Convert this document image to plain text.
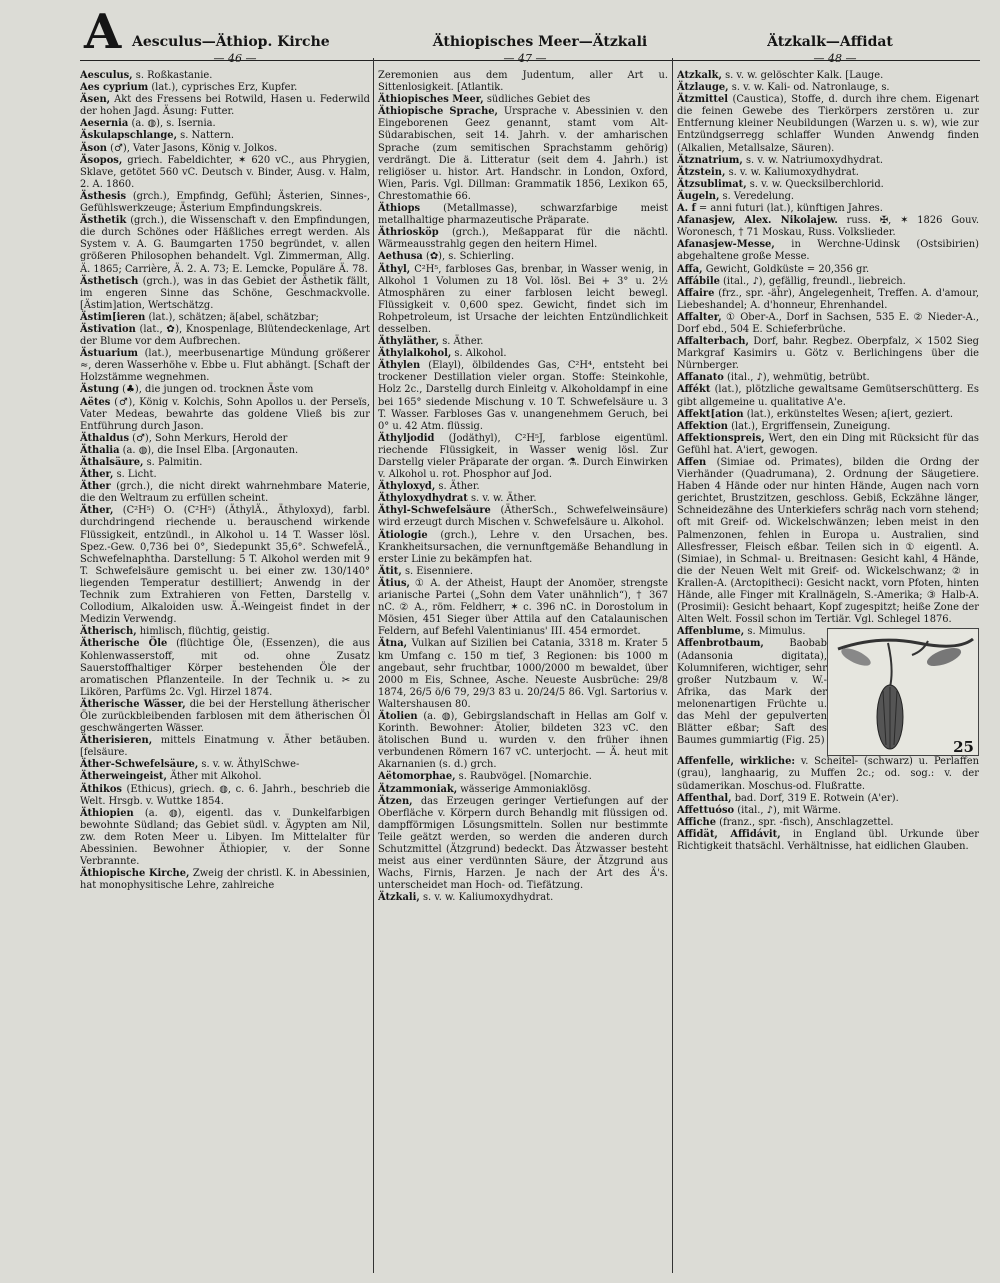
A Aesculus—Äthiop. Kirche	Äthiopisches Meer—Ätzkali	Ätzkalk—Affidat
— 46 —	— 47 —	— 48 —

Aesculus, s. Roßkastanie.

Aes cyprium (lat.), cyprisches Erz, Kupfer.

Äsen, Akt des Fressens bei Rotwild, Hasen u. Federwild der hohen Jagd. Äsung: Futter.

Aesernia (a. ◍), s. Isernia.

Äskulapschlange, s. Nattern.

Äson (♂), Vater Jasons, König v. Jolkos.

Äsopos, griech. Fabeldichter, ✶ 620 vC., aus Phrygien, Sklave, getötet 560 vC. Deutsch v. Binder, Ausg. v. Halm, 2. A. 1860.

Ästhesis (grch.), Empfindg, Gefühl; Ästerien, Sinnes-, Gefühlswerkzeuge; Ästerium Empfindungskreis.

Ästhetik (grch.), die Wissenschaft v. den Empfindungen, die durch Schönes oder Häßliches erregt werden. Als System v. A. G. Baumgarten 1750 begründet, v. allen größeren Philosophen behandelt. Vgl. Zimmerman, Allg. Ä. 1865; Carrière, Ä. 2. A. 73; E. Lemcke, Populäre Ä. 78.

Ästhetisch (grch.), was in das Gebiet der Ästhetik fällt, im engeren Sinne das Schöne, Geschmackvolle. [Ästim]ation, Wertschätzg.

Ästim[ieren (lat.), schätzen; ä[abel, schätzbar;

Ästivation (lat., ✿), Knospenlage, Blütendeckenlage, Art der Blume vor dem Aufbrechen.

Ästuarium (lat.), meerbusenartige Mündung größerer ≈, deren Wasserhöhe v. Ebbe u. Flut abhängt. [Schaft der Holzstämme wegnehmen.

Ästung (♣), die jungen od. trocknen Äste vom

Aëtes (♂), König v. Kolchis, Sohn Apollos u. der Perseïs, Vater Medeas, bewahrte das goldene Vließ bis zur Entführung durch Jason.

Äthaldus (♂), Sohn Merkurs, Herold der

Äthalia (a. ◍), die Insel Elba. [Argonauten.

Äthalsäure, s. Palmitin.

Äther, s. Licht.

Äther (grch.), die nicht direkt wahrnehmbare Materie, die den Weltraum zu erfüllen scheint.

Äther, (C²H⁵) O. (C²H⁵) (ÄthylÄ., Äthyloxyd), farbl. durchdringend riechende u. berauschend wirkende Flüssigkeit, entzündl., in Alkohol u. 14 T. Wasser lösl. Spez.-Gew. 0,736 bei 0°, Siedepunkt 35,6°. SchwefelÄ., Schwefelnaphtha. Darstellung: 5 T. Alkohol werden mit 9 T. Schwefelsäure gemischt u. bei einer zw. 130/140° liegenden Temperatur destilliert; Anwendg in der Technik zum Extrahieren von Fetten, Darstellg v. Collodium, Alkaloiden usw. Ä.-Weingeist findet in der Medizin Verwendg.

Ätherisch, himlisch, flüchtig, geistig.

Ätherische Öle (flüchtige Öle, (Essenzen), die aus Kohlenwasserstoff, mit od. ohne Zusatz Sauerstoffhaltiger Körper bestehenden Öle der aromatischen Pflanzenteile. In der Technik u. ✂ zu Likören, Parfüms 2c. Vgl. Hirzel 1874.

Ätherische Wässer, die bei der Herstellung ätherischer Öle zurückbleibenden farblosen mit dem ätherischen Öl geschwängerten Wässer.

Ätherisieren, mittels Einatmung v. Äther betäuben. [felsäure.

Äther-Schwefelsäure, s. v. w. ÄthylSchwe-

Ätherweingeist, Äther mit Alkohol.

Äthikos (Ethicus), griech. ◍, c. 6. Jahrh., beschrieb die Welt. Hrsgb. v. Wuttke 1854.

Äthiopien (a. ◍), eigentl. das v. Dunkelfarbigen bewohnte Südland; das Gebiet südl. v. Ägypten am Nil, zw. dem Roten Meer u. Libyen. Im Mittelalter für Abessinien. Bewohner Äthiopier, v. der Sonne Verbrannte.

Äthiopische Kirche, Zweig der christl. K. in Abessinien, hat monophysitische Lehre, zahlreiche

Zeremonien aus dem Judentum, aller Art u. Sittenlosigkeit. [Atlantik.

Äthiopisches Meer, südliches Gebiet des

Äthiopische Sprache, Ursprache v. Abessinien v. den Eingeborenen Geez genannt, stamt vom Alt-Südarabischen, seit 14. Jahrh. v. der amharischen Sprache (zum semitischen Sprachstamm gehörig) verdrängt. Die ä. Litteratur (seit dem 4. Jahrh.) ist religiöser u. histor. Art. Handschr. in London, Oxford, Wien, Paris. Vgl. Dillman: Grammatik 1856, Lexikon 65, Chrestomathie 66.

Äthiops (Metallmasse), schwarzfarbige meist metallhaltige pharmazeutische Präparate.

Äthriosköp (grch.), Meßapparat für die nächtl. Wärmeausstrahlg gegen den heitern Himel.

Aethusa (✿), s. Schierling.

Äthyl, C²H⁵, farbloses Gas, brenbar, in Wasser wenig, in Alkohol 1 Volumen zu 18 Vol. lösl. Bei + 3° u. 2½ Atmosphären zu einer farblosen leicht bewegl. Flüssigkeit v. 0,600 spez. Gewicht, findet sich im Rohpetroleum, ist Ursache der leichten Entzündlichkeit desselben.

Äthyläther, s. Äther.

Äthylalkohol, s. Alkohol.

Äthylen (Elayl), ölbildendes Gas, C²H⁴, entsteht bei trockener Destillation vieler organ. Stoffe: Steinkohle, Holz 2c., Darstellg durch Einleitg v. Alkoholdampf in eine bei 165° siedende Mischung v. 10 T. Schwefelsäure u. 3 T. Wasser. Farbloses Gas v. unangenehmem Geruch, bei 0° u. 42 Atm. flüssig.

Äthyljodid (Jodäthyl), C²H⁵J, farblose eigentüml. riechende Flüssigkeit, in Wasser wenig lösl. Zur Darstellg vieler Präparate der organ. ⚗. Durch Einwirken v. Alkohol u. rot. Phosphor auf Jod.

Äthyloxyd, s. Äther.

Äthyloxydhydrat s. v. w. Äther.

Äthyl-Schwefelsäure (ÄtherSch., Schwefelweinsäure) wird erzeugt durch Mischen v. Schwefelsäure u. Alkohol.

Ätiologie (grch.), Lehre v. den Ursachen, bes. Krankheitsursachen, die vernunftgemäße Behandlung in erster Linie zu bekämpfen hat.

Ätit, s. Eisenniere.

Ätius, ① A. der Atheist, Haupt der Anomöer, strengste arianische Partei („Sohn dem Vater unähnlich“), † 367 nC. ② A., röm. Feldherr, ✶ c. 396 nC. in Dorostolum in Mösien, 451 Sieger über Attila auf den Catalaunischen Feldern, auf Befehl Valentinianus' III. 454 ermordet.

Ätna, Vulkan auf Sizilien bei Catania, 3318 m. Krater 5 km Umfang c. 150 m tief, 3 Regionen: bis 1000 m angebaut, sehr fruchtbar, 1000/2000 m bewaldet, über 2000 m Eis, Schnee, Asche. Neueste Ausbrüche: 29/8 1874, 26/5 ö/6 79, 29/3 83 u. 20/24/5 86. Vgl. Sartorius v. Waltershausen 80.

Ätolien (a. ◍), Gebirgslandschaft in Hellas am Golf v. Korinth. Bewohner: Ätolier, bildeten 323 vC. den ätolischen Bund u. wurden v. den früher ihnen verbundenen Römern 167 vC. unterjocht. — Ä. heut mit Akarnanien (s. d.) grch.

Aëtomorphae, s. Raubvögel. [Nomarchie.

Ätzammoniak, wässerige Ammoniaklösg.

Ätzen, das Erzeugen geringer Vertiefungen auf der Oberfläche v. Körpern durch Behandlg mit flüssigen od. dampfförmigen Lösungsmitteln. Sollen nur bestimmte Teile geätzt werden, so werden die anderen durch Schutzmittel (Ätzgrund) bedeckt. Das Ätzwasser besteht meist aus einer verdünnten Säure, der Ätzgrund aus Wachs, Firnis, Harzen. Je nach der Art des Ä's. unterscheidet man Hoch- od. Tiefätzung.

Ätzkali, s. v. w. Kaliumoxydhydrat.

Ätzkalk, s. v. w. gelöschter Kalk. [Lauge.

Ätzlauge, s. v. w. Kali- od. Natronlauge, s.

Ätzmittel (Caustica), Stoffe, d. durch ihre chem. Eigenart die feinen Gewebe des Tierkörpers zerstören u. zur Entfernung kleiner Neubildungen (Warzen u. s. w), wie zur Entzündgserregg schlaffer Wunden Anwendg finden (Alkalien, Metallsalze, Säuren).

Ätznatrium, s. v. w. Natriumoxydhydrat.

Ätzstein, s. v. w. Kaliumoxydhydrat.

Ätzsublimat, s. v. w. Quecksilberchlorid.

Äugeln, s. Veredelung.

A. f = anni futuri (lat.), künftigen Jahres.

Afanasjew, Alex. Nikolajew. russ. ✠, ✶ 1826 Gouv. Woronesch, † 71 Moskau, Russ. Volkslieder.

Afanasjew-Messe, in Werchne-Udinsk (Ostsibirien) abgehaltene große Messe.

Affa, Gewicht, Goldküste = 20,356 gr.

Affábile (ital., ♪), gefällig, freundl., liebreich.

Affaire (frz., spr. -äh̄r), Angelegenheit, Treffen. A. d'amour, Liebeshandel; A. d'honneur, Ehrenhandel.

Affalter, ① Ober-A., Dorf in Sachsen, 535 E. ② Nieder-A., Dorf ebd., 504 E. Schieferbrüche.

Affalterbach, Dorf, bahr. Regbez. Oberpfalz, ⚔ 1502 Sieg Markgraf Kasimirs u. Götz v. Berlichingens über die Nürnberger.

Affanato (ital., ♪), wehmütig, betrübt.

Affékt (lat.), plötzliche gewaltsame Gemütserschütterg. Es gibt allgemeine u. qualitative A'e.

Affekt[ation (lat.), erkünsteltes Wesen; a[iert, geziert.

Affektion (lat.), Ergriffensein, Zuneigung.

Affektionspreis, Wert, den ein Ding mit Rücksicht für das Gefühl hat. A'iert, gewogen.

Affen (Simiae od. Primates), bilden die Ordng der Vierhänder (Quadrumana), 2. Ordnung der Säugetiere. Haben 4 Hände oder nur hinten Hände, Augen nach vorn gerichtet, Brustzitzen, geschloss. Gebiß, Eckzähne länger, Schneidezähne des Unterkiefers schräg nach vorn stehend; oft mit Greif- od. Wickelschwänzen; leben meist in den Palmenzonen, fehlen in Europa u. Australien, sind Allesfresser, Fleisch eßbar. Teilen sich in ① eigentl. A. (Simiae), in Schmal- u. Breitnasen: Gesicht kahl, 4 Hände, die der Neuen Welt mit Greif- od. Wickelschwanz; ② in Krallen-A. (Arctopitheci): Gesicht nackt, vorn Pfoten, hinten Hände, alle Finger mit Krallnägeln, S.-Amerika; ③ Halb-A. (Prosimii): Gesicht behaart, Kopf zugespitzt; heiße Zone der Alten Welt. Fossil schon im Tertiär. Vgl. Schlegel 1876.

Affenblume, s. Mimulus.

Affenbrotbaum, Baobab (Adansonia digitata), Kolumniferen, wichtiger, sehr großer Nutzbaum v. W.-Afrika, das Mark der melonenartigen Früchte u. das Mehl der gepulverten Blätter eßbar; Saft des Baumes gummiartig (Fig. 25)	25

Affenfelle, wirkliche: v. Scheitel- (schwarz) u. Perlaffen (grau), langhaarig, zu Muffen 2c.; od. sog.: v. der südamerikan. Moschus-od. Flußratte.

Affenthal, bad. Dorf, 319 E. Rotwein (A'er).

Affettuóso (ital., ♪), mit Wärme.

Affiche (franz., spr. -fisch), Anschlagzettel.

Affidät, Affidávit, in England übl. Urkunde über Richtigkeit thatsächl. Verhältnisse, hat eidlichen Glauben.
